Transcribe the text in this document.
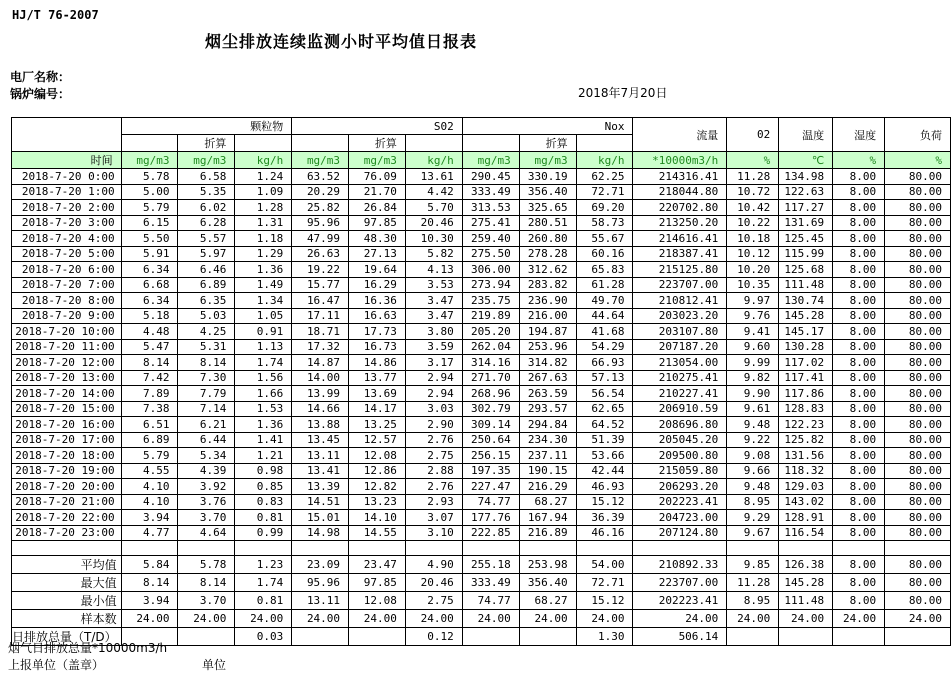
HJ/T 76-2007
烟尘排放连续监测小时平均值日报表
电厂名称：
锅炉编号：	2018年7月20日
	颗粒物			S02			Nox			流量	02	温度	湿度	负荷
		折算			折算			折算						
时间	mg/m3	mg/m3	kg/h	mg/m3	mg/m3	kg/h	mg/m3	mg/m3	kg/h	*10000m3/h	%	℃	%	%
2018-7-20 0:00	5.78	6.58	1.24	63.52	76.09	13.61	290.45	330.19	62.25	214316.41	11.28	134.98	8.00	80.00
2018-7-20 1:00	5.00	5.35	1.09	20.29	21.70	4.42	333.49	356.40	72.71	218044.80	10.72	122.63	8.00	80.00
2018-7-20 2:00	5.79	6.02	1.28	25.82	26.84	5.70	313.53	325.65	69.20	220702.80	10.42	117.27	8.00	80.00
2018-7-20 3:00	6.15	6.28	1.31	95.96	97.85	20.46	275.41	280.51	58.73	213250.20	10.22	131.69	8.00	80.00
2018-7-20 4:00	5.50	5.57	1.18	47.99	48.30	10.30	259.40	260.80	55.67	214616.41	10.18	125.45	8.00	80.00
2018-7-20 5:00	5.91	5.97	1.29	26.63	27.13	5.82	275.50	278.28	60.16	218387.41	10.12	115.99	8.00	80.00
2018-7-20 6:00	6.34	6.46	1.36	19.22	19.64	4.13	306.00	312.62	65.83	215125.80	10.20	125.68	8.00	80.00
2018-7-20 7:00	6.68	6.89	1.49	15.77	16.29	3.53	273.94	283.82	61.28	223707.00	10.35	111.48	8.00	80.00
2018-7-20 8:00	6.34	6.35	1.34	16.47	16.36	3.47	235.75	236.90	49.70	210812.41	9.97	130.74	8.00	80.00
2018-7-20 9:00	5.18	5.03	1.05	17.11	16.63	3.47	219.89	216.00	44.64	203023.20	9.76	145.28	8.00	80.00
2018-7-20 10:00	4.48	4.25	0.91	18.71	17.73	3.80	205.20	194.87	41.68	203107.80	9.41	145.17	8.00	80.00
2018-7-20 11:00	5.47	5.31	1.13	17.32	16.73	3.59	262.04	253.96	54.29	207187.20	9.60	130.28	8.00	80.00
2018-7-20 12:00	8.14	8.14	1.74	14.87	14.86	3.17	314.16	314.82	66.93	213054.00	9.99	117.02	8.00	80.00
2018-7-20 13:00	7.42	7.30	1.56	14.00	13.77	2.94	271.70	267.63	57.13	210275.41	9.82	117.41	8.00	80.00
2018-7-20 14:00	7.89	7.79	1.66	13.99	13.69	2.94	268.96	263.59	56.54	210227.41	9.90	117.86	8.00	80.00
2018-7-20 15:00	7.38	7.14	1.53	14.66	14.17	3.03	302.79	293.57	62.65	206910.59	9.61	128.83	8.00	80.00
2018-7-20 16:00	6.51	6.21	1.36	13.88	13.25	2.90	309.14	294.84	64.52	208696.80	9.48	122.23	8.00	80.00
2018-7-20 17:00	6.89	6.44	1.41	13.45	12.57	2.76	250.64	234.30	51.39	205045.20	9.22	125.82	8.00	80.00
2018-7-20 18:00	5.79	5.34	1.21	13.11	12.08	2.75	256.15	237.11	53.66	209500.80	9.08	131.56	8.00	80.00
2018-7-20 19:00	4.55	4.39	0.98	13.41	12.86	2.88	197.35	190.15	42.44	215059.80	9.66	118.32	8.00	80.00
2018-7-20 20:00	4.10	3.92	0.85	13.39	12.82	2.76	227.47	216.29	46.93	206293.20	9.48	129.03	8.00	80.00
2018-7-20 21:00	4.10	3.76	0.83	14.51	13.23	2.93	74.77	68.27	15.12	202223.41	8.95	143.02	8.00	80.00
2018-7-20 22:00	3.94	3.70	0.81	15.01	14.10	3.07	177.76	167.94	36.39	204723.00	9.29	128.91	8.00	80.00
2018-7-20 23:00	4.77	4.64	0.99	14.98	14.55	3.10	222.85	216.89	46.16	207124.80	9.67	116.54	8.00	80.00

平均值	5.84	5.78	1.23	23.09	23.47	4.90	255.18	253.98	54.00	210892.33	9.85	126.38	8.00	80.00
最大值	8.14	8.14	1.74	95.96	97.85	20.46	333.49	356.40	72.71	223707.00	11.28	145.28	8.00	80.00
最小值	3.94	3.70	0.81	13.11	12.08	2.75	74.77	68.27	15.12	202223.41	8.95	111.48	8.00	80.00
样本数	24.00	24.00	24.00	24.00	24.00	24.00	24.00	24.00	24.00	24.00	24.00	24.00	24.00	24.00
日排放总量（T/D）			0.03			0.12			1.30	506.14				
烟气日排放总量*10000m3/h
上报单位（盖章）	单位
